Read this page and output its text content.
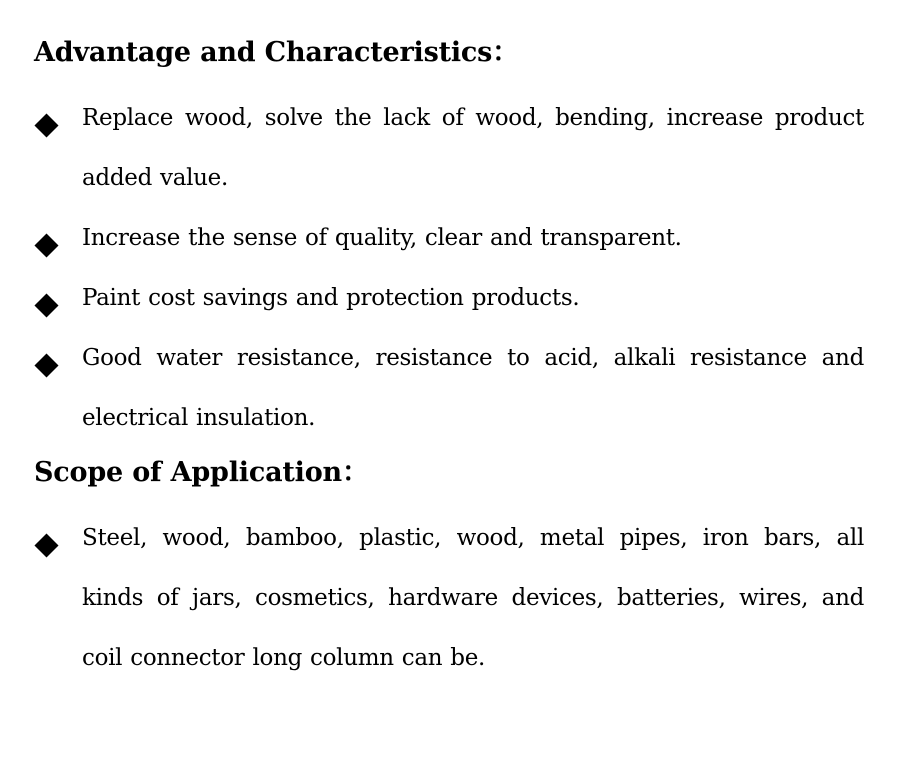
Advantage and Characteristics：
Replace wood, solve the lack of wood, bending, increase product added value.
Increase the sense of quality, clear and transparent.
Paint cost savings and protection products.
Good water resistance, resistance to acid, alkali resistance and electrical insulation.
Scope of Application：
Steel, wood, bamboo, plastic, wood, metal pipes, iron bars, all kinds of jars, cosmetics, hardware devices, batteries, wires, and coil connector long column can be.
